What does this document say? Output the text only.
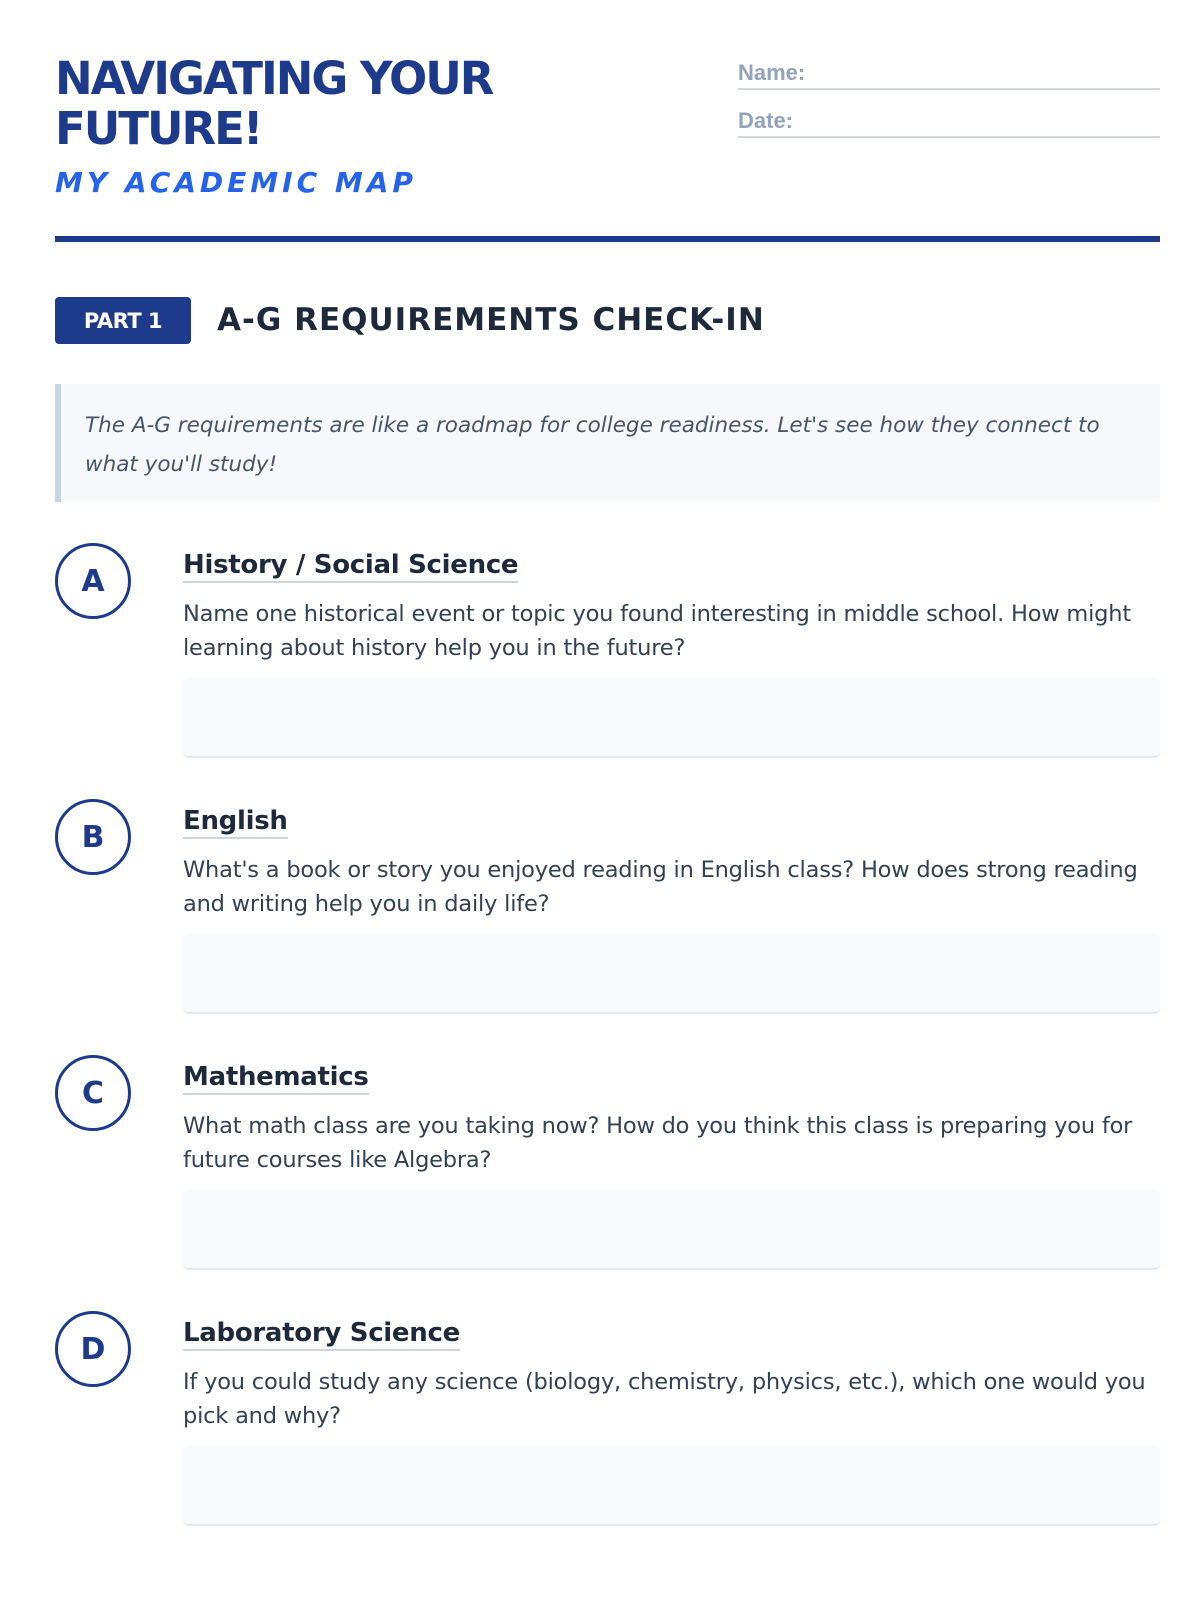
NAVIGATING YOUR FUTURE!
MY ACADEMIC MAP
Name:
Date:
PART 1	A-G REQUIREMENTS CHECK-IN
The A-G requirements are like a roadmap for college readiness. Let's see how they connect to what you'll study!
A	History / Social Science
Name one historical event or topic you found interesting in middle school. How might learning about history help you in the future?
B	English
What's a book or story you enjoyed reading in English class? How does strong reading and writing help you in daily life?
C	Mathematics
What math class are you taking now? How do you think this class is preparing you for future courses like Algebra?
D	Laboratory Science
If you could study any science (biology, chemistry, physics, etc.), which one would you pick and why?
